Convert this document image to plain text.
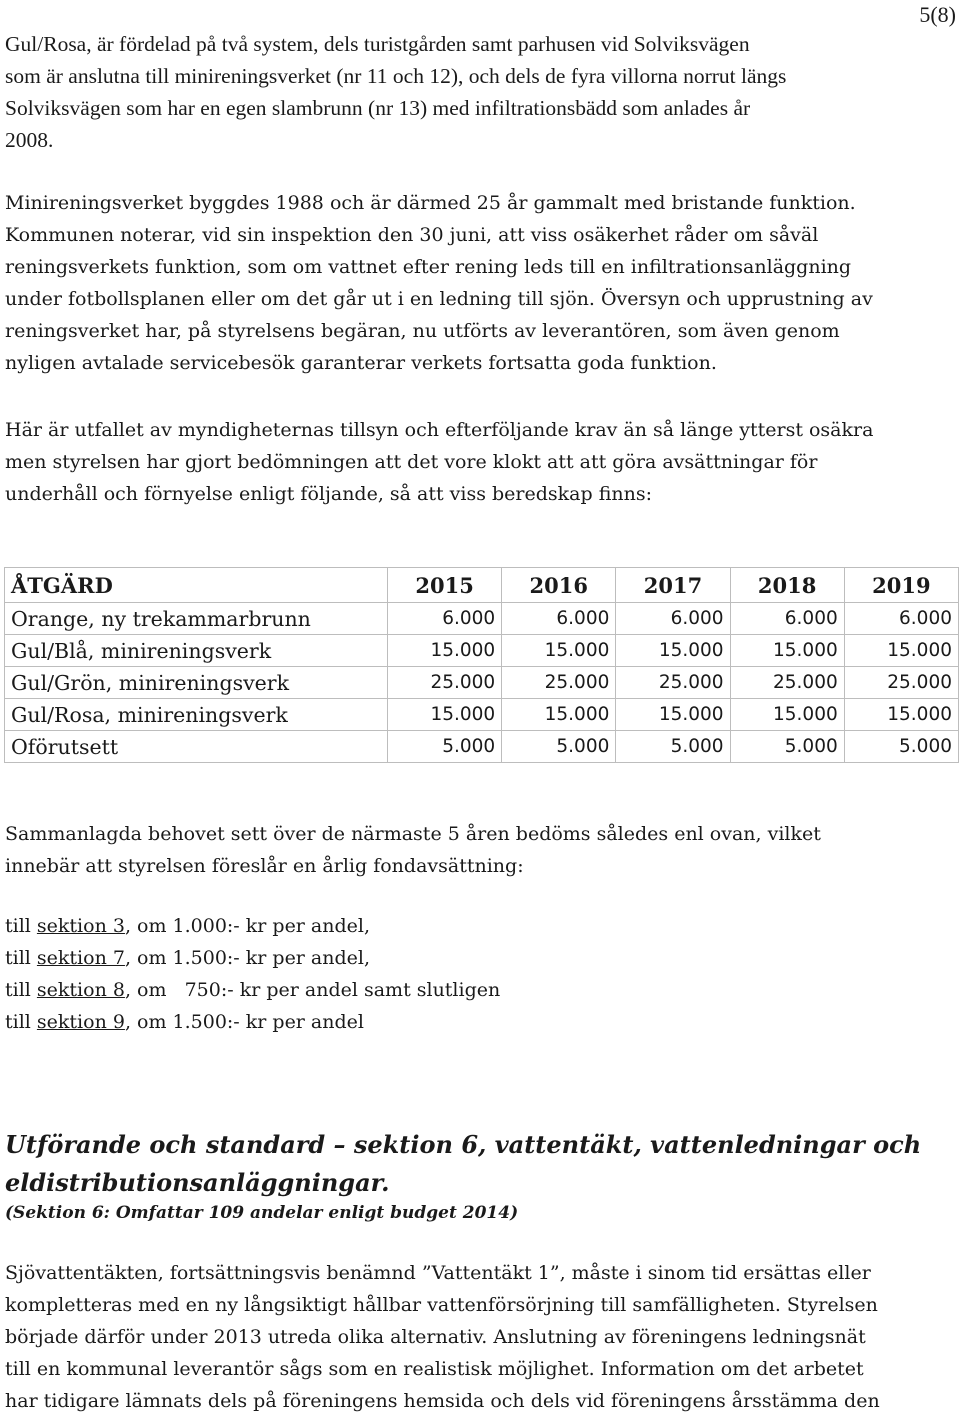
5(8)
Gul/Rosa, är fördelad på två system, dels turistgården samt parhusen vid Solviksvägen
som är anslutna till minireningsverket (nr 11 och 12), och dels de fyra villorna norrut längs
Solviksvägen som har en egen slambrunn (nr 13) med infiltrationsbädd som anlades år
2008.
Minireningsverket byggdes 1988 och är därmed 25 år gammalt med bristande funktion.
Kommunen noterar, vid sin inspektion den 30 juni, att viss osäkerhet råder om såväl
reningsverkets funktion, som om vattnet efter rening leds till en infiltrationsanläggning
under fotbollsplanen eller om det går ut i en ledning till sjön. Översyn och upprustning av
reningsverket har, på styrelsens begäran, nu utförts av leverantören, som även genom
nyligen avtalade servicebesök garanterar verkets fortsatta goda funktion.
Här är utfallet av myndigheternas tillsyn och efterföljande krav än så länge ytterst osäkra
men styrelsen har gjort bedömningen att det vore klokt att att göra avsättningar för
underhåll och förnyelse enligt följande, så att viss beredskap finns:
ÅTGÄRD	2015	2016	2017	2018	2019
Orange, ny trekammarbrunn	6.000	6.000	6.000	6.000	6.000
Gul/Blå, minireningsverk	15.000	15.000	15.000	15.000	15.000
Gul/Grön, minireningsverk	25.000	25.000	25.000	25.000	25.000
Gul/Rosa, minireningsverk	15.000	15.000	15.000	15.000	15.000
Oförutsett	5.000	5.000	5.000	5.000	5.000
Sammanlagda behovet sett över de närmaste 5 åren bedöms således enl ovan, vilket
innebär att styrelsen föreslår en årlig fondavsättning:
till sektion 3, om 1.000:- kr per andel,
till sektion 7, om 1.500:- kr per andel,
till sektion 8, om   750:- kr per andel samt slutligen
till sektion 9, om 1.500:- kr per andel
Utförande och standard – sektion 6, vattentäkt, vattenledningar och
eldistributionsanläggningar.
(Sektion 6: Omfattar 109 andelar enligt budget 2014)
Sjövattentäkten, fortsättningsvis benämnd ”Vattentäkt 1”, måste i sinom tid ersättas eller
kompletteras med en ny långsiktigt hållbar vattenförsörjning till samfälligheten. Styrelsen
började därför under 2013 utreda olika alternativ. Anslutning av föreningens ledningsnät
till en kommunal leverantör sågs som en realistisk möjlighet. Information om det arbetet
har tidigare lämnats dels på föreningens hemsida och dels vid föreningens årsstämma den
